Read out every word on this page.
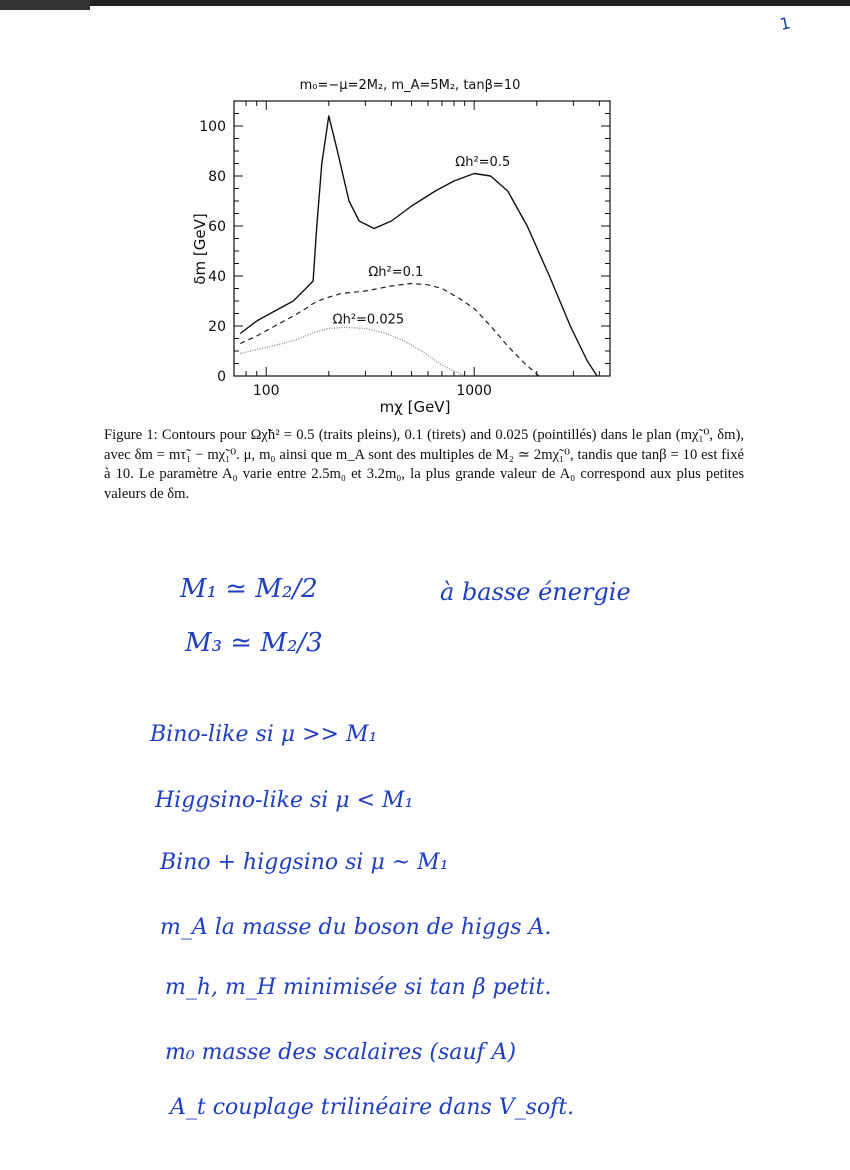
1
m₀=−μ=2M₂, m_A=5M₂, tanβ=10
0
20
40
60
80
100
100	1000
Ωh²=0.5
Ωh²=0.1
Ωh²=0.025
δm [GeV]
mχ [GeV]
Figure 1: Contours pour Ωχ̃h² = 0.5 (traits pleins), 0.1 (tirets) and 0.025 (pointillés) dans le plan (mχ̃₁⁰, δm), avec δm = mτ̃₁ − mχ̃₁⁰. μ, m₀ ainsi que m_A sont des multiples de M₂ ≃ 2mχ̃₁⁰, tandis que tanβ = 10 est fixé à 10. Le paramètre A₀ varie entre 2.5m₀ et 3.2m₀, la plus grande valeur de A₀ correspond aux plus petites valeurs de δm.
M₁ ≃ M₂/2	à basse énergie
M₃ ≃ M₂/3
Bino-like si μ >> M₁
Higgsino-like si μ < M₁
Bino + higgsino si μ ~ M₁
m_A la masse du boson de higgs A.
m_h, m_H minimisée si tan β petit.
m₀ masse des scalaires (sauf A)
A_t couplage trilinéaire dans V_soft.
